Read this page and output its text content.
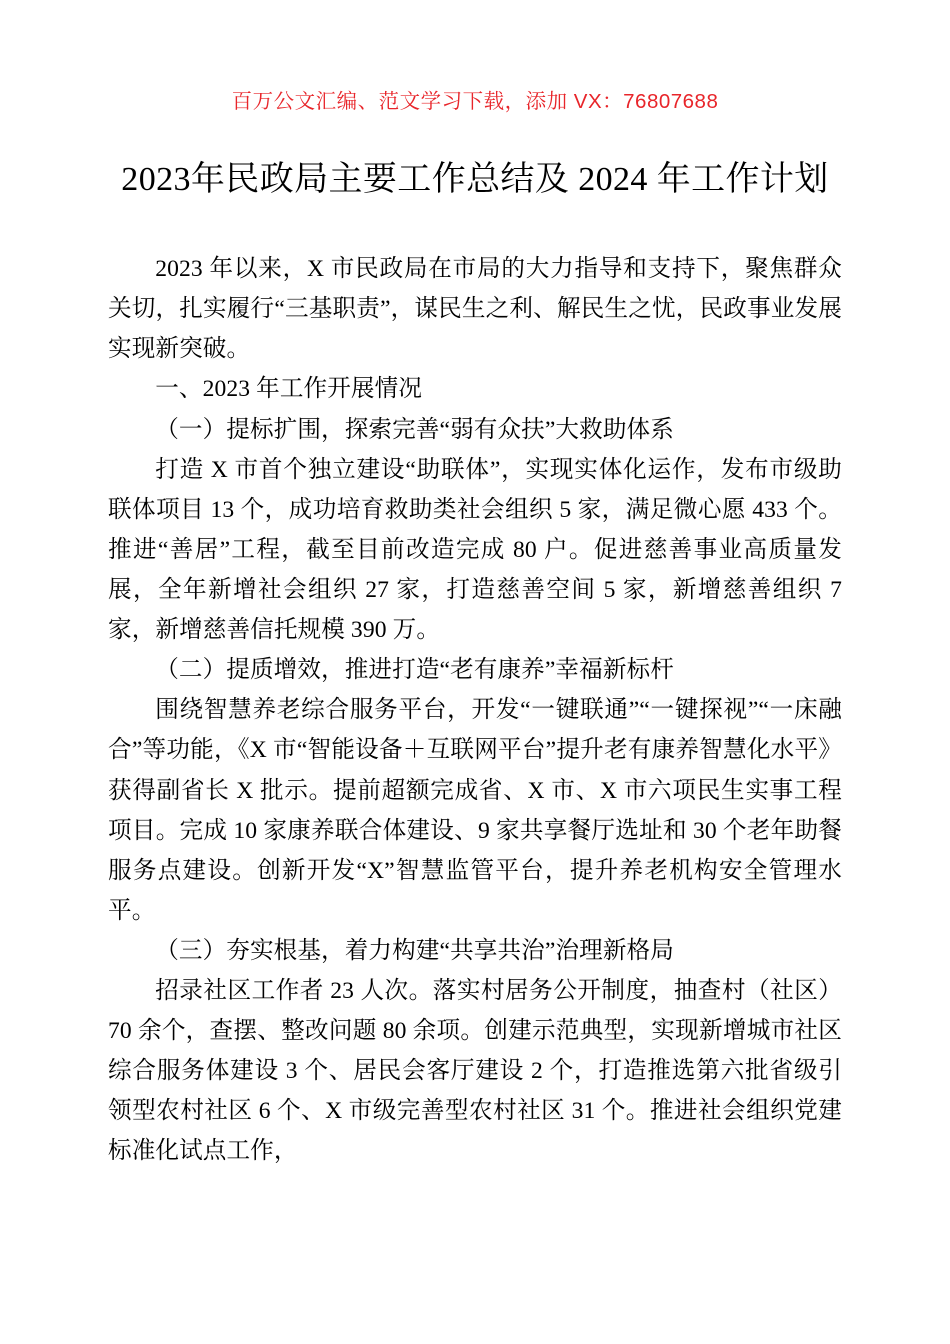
百万公文汇编、范文学习下载，添加 VX：76807688
2023年民政局主要工作总结及 2024 年工作计划

2023 年以来，X 市民政局在市局的大力指导和支持下，聚焦群众关切，扎实履行“三基职责”，谋民生之利、解民生之忧，民政事业发展实现新突破。

一、2023 年工作开展情况

（一）提标扩围，探索完善“弱有众扶”大救助体系

打造 X 市首个独立建设“助联体”，实现实体化运作，发布市级助联体项目 13 个，成功培育救助类社会组织 5 家，满足微心愿 433 个。推进“善居”工程，截至目前改造完成 80 户。促进慈善事业高质量发展，全年新增社会组织 27 家，打造慈善空间 5 家，新增慈善组织 7 家，新增慈善信托规模 390 万。

（二）提质增效，推进打造“老有康养”幸福新标杆

围绕智慧养老综合服务平台，开发“一键联通”“一键探视”“一床融合”等功能，《X 市“智能设备＋互联网平台”提升老有康养智慧化水平》获得副省长 X 批示。提前超额完成省、X 市、X 市六项民生实事工程项目。完成 10 家康养联合体建设、9 家共享餐厅选址和 30 个老年助餐服务点建设。创新开发“X”智慧监管平台，提升养老机构安全管理水平。

（三）夯实根基，着力构建“共享共治”治理新格局

招录社区工作者 23 人次。落实村居务公开制度，抽查村（社区）70 余个，查摆、整改问题 80 余项。创建示范典型，实现新增城市社区综合服务体建设 3 个、居民会客厅建设 2 个，打造推选第六批省级引领型农村社区 6 个、X 市级完善型农村社区 31 个。推进社会组织党建标准化试点工作，
